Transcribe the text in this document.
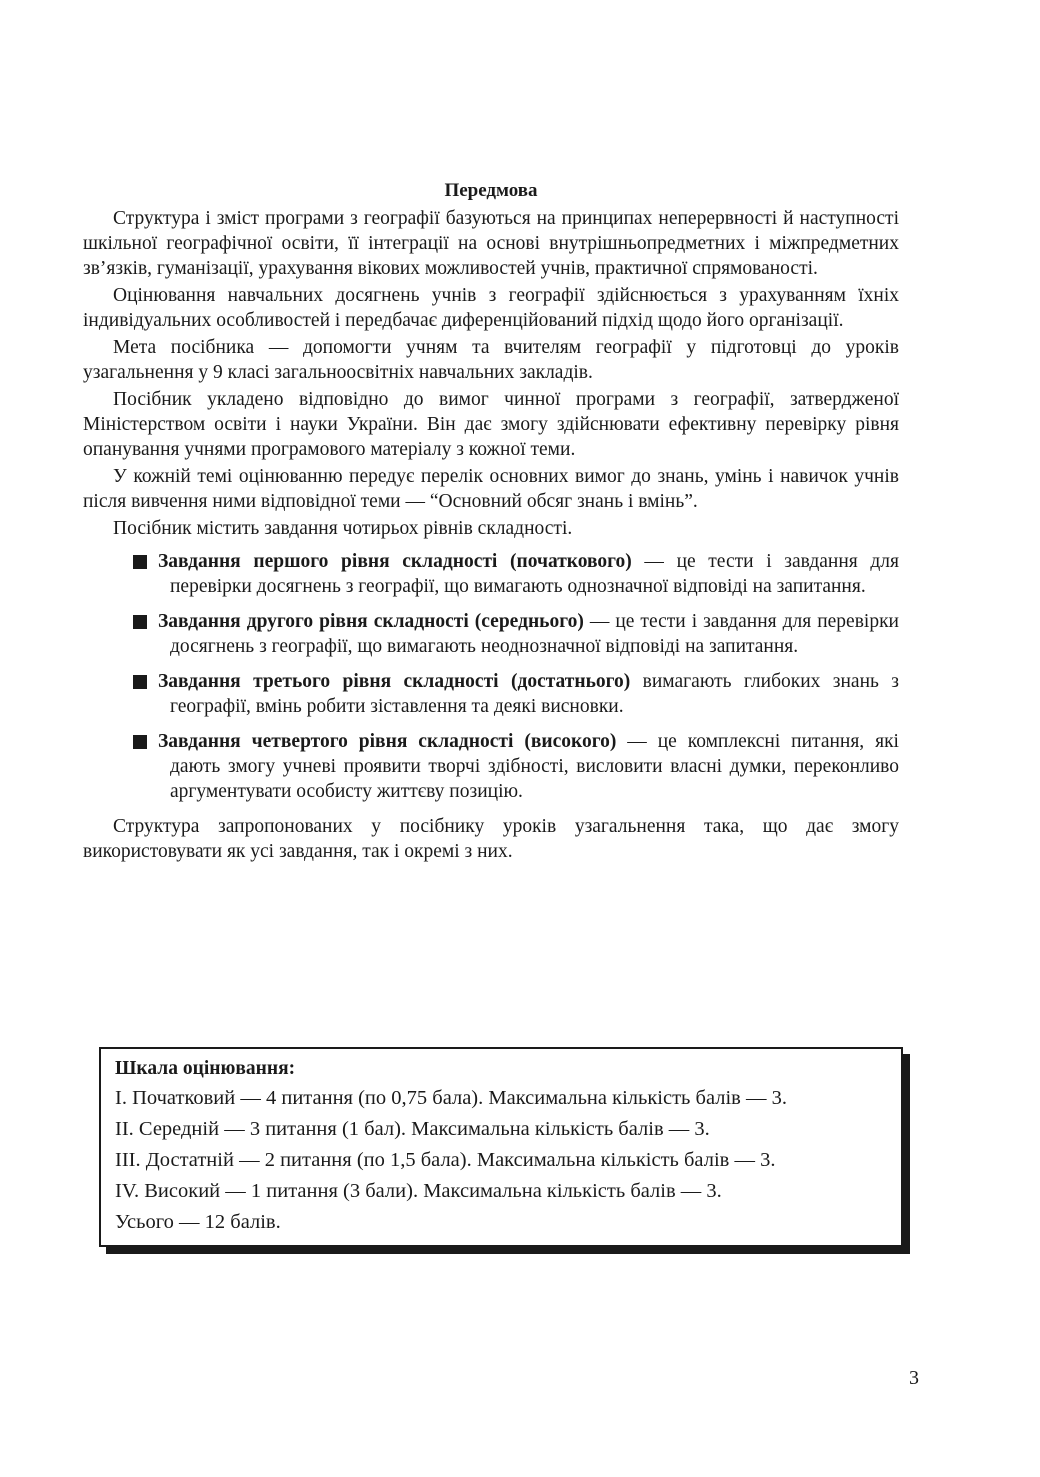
Передмова

Структура і зміст програми з географії базуються на принципах неперервності й наступності шкільної географічної освіти, її інтеграції на основі внутрішньопредметних і міжпредметних зв’язків, гуманізації, урахування вікових можливостей учнів, практичної спрямованості.

Оцінювання навчальних досягнень учнів з географії здійснюється з урахуванням їхніх індивідуальних особливостей і передбачає диференційований підхід щодо його організації.

Мета посібника — допомогти учням та вчителям географії у підготовці до уроків узагальнення у 9 класі загальноосвітніх навчальних закладів.

Посібник укладено відповідно до вимог чинної програми з географії, затвердженої Міністерством освіти і науки України. Він дає змогу здійснювати ефективну перевірку рівня опанування учнями програмового матеріалу з кожної теми.

У кожній темі оцінюванню передує перелік основних вимог до знань, умінь і навичок учнів після вивчення ними відповідної теми — “Основний обсяг знань і вмінь”.

Посібник містить завдання чотирьох рівнів складності.

Завдання першого рівня складності (початкового) — це тести і завдання для перевірки досягнень з географії, що вимагають однозначної відповіді на запитання.
Завдання другого рівня складності (середнього) — це тести і завдання для перевірки досягнень з географії, що вимагають неоднозначної відповіді на запитання.
Завдання третього рівня складності (достатнього) вимагають глибоких знань з географії, вмінь робити зіставлення та деякі висновки.
Завдання четвертого рівня складності (високого) — це комплексні питання, які дають змогу учневі проявити творчі здібності, висловити власні думки, переконливо аргументувати особисту життєву позицію.

Структура запропонованих у посібнику уроків узагальнення така, що дає змогу використовувати як усі завдання, так і окремі з них.

Шкала оцінювання:
I. Початковий — 4 питання (по 0,75 бала). Максимальна кількість балів — 3.
II. Середній — 3 питання (1 бал). Максимальна кількість балів — 3.
III. Достатній — 2 питання (по 1,5 бала). Максимальна кількість балів — 3.
IV. Високий — 1 питання (3 бали). Максимальна кількість балів — 3.
Усього — 12 балів.
3
